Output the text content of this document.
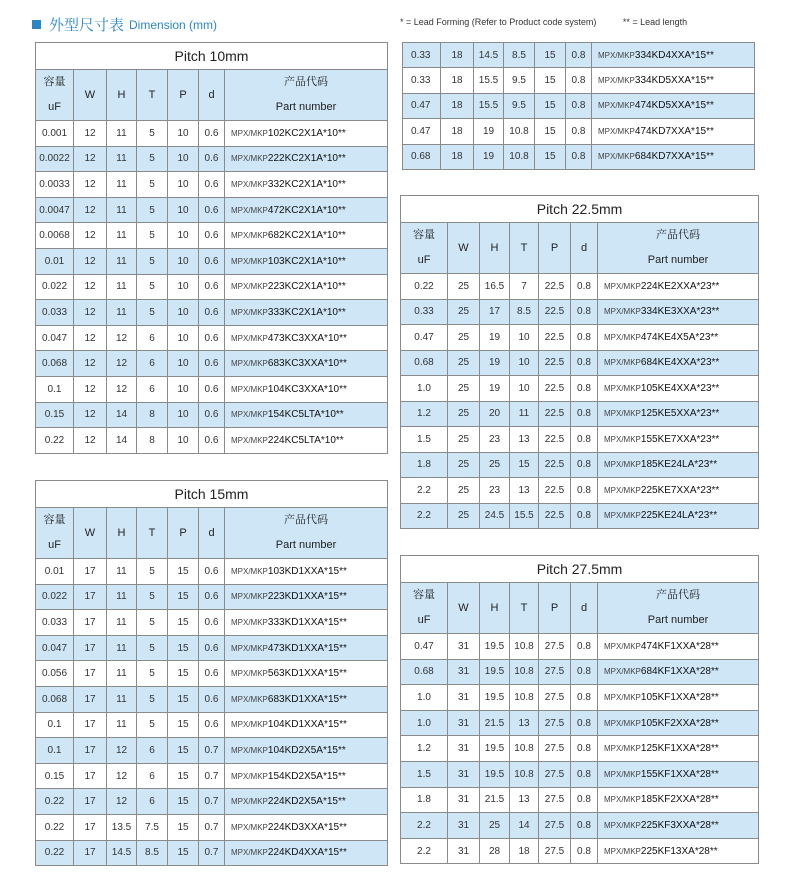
外型尺寸表 Dimension (mm)	* = Lead Forming (Refer to Product code system)	** = Lead length
Pitch 10mm						

容量
uF	W	H	T	P	d	产品代码
Part number

0.001	12	11	5	10	0.6	MPX/MKP102KC2X1A*10**
0.0022	12	11	5	10	0.6	MPX/MKP222KC2X1A*10**
0.0033	12	11	5	10	0.6	MPX/MKP332KC2X1A*10**
0.0047	12	11	5	10	0.6	MPX/MKP472KC2X1A*10**
0.0068	12	11	5	10	0.6	MPX/MKP682KC2X1A*10**
0.01	12	11	5	10	0.6	MPX/MKP103KC2X1A*10**
0.022	12	11	5	10	0.6	MPX/MKP223KC2X1A*10**
0.033	12	11	5	10	0.6	MPX/MKP333KC2X1A*10**
0.047	12	12	6	10	0.6	MPX/MKP473KC3XXA*10**
0.068	12	12	6	10	0.6	MPX/MKP683KC3XXA*10**
0.1	12	12	6	10	0.6	MPX/MKP104KC3XXA*10**
0.15	12	14	8	10	0.6	MPX/MKP154KC5LTA*10**
0.22	12	14	8	10	0.6	MPX/MKP224KC5LTA*10**
Pitch 15mm						

容量
uF	W	H	T	P	d	产品代码
Part number

0.01	17	11	5	15	0.6	MPX/MKP103KD1XXA*15**
0.022	17	11	5	15	0.6	MPX/MKP223KD1XXA*15**
0.033	17	11	5	15	0.6	MPX/MKP333KD1XXA*15**
0.047	17	11	5	15	0.6	MPX/MKP473KD1XXA*15**
0.056	17	11	5	15	0.6	MPX/MKP563KD1XXA*15**
0.068	17	11	5	15	0.6	MPX/MKP683KD1XXA*15**
0.1	17	11	5	15	0.6	MPX/MKP104KD1XXA*15**
0.1	17	12	6	15	0.7	MPX/MKP104KD2X5A*15**
0.15	17	12	6	15	0.7	MPX/MKP154KD2X5A*15**
0.22	17	12	6	15	0.7	MPX/MKP224KD2X5A*15**
0.22	17	13.5	7.5	15	0.7	MPX/MKP224KD3XXA*15**
0.22	17	14.5	8.5	15	0.7	MPX/MKP224KD4XXA*15**
0.33	18	14.5	8.5	15	0.8	MPX/MKP334KD4XXA*15**
0.33	18	15.5	9.5	15	0.8	MPX/MKP334KD5XXA*15**
0.47	18	15.5	9.5	15	0.8	MPX/MKP474KD5XXA*15**
0.47	18	19	10.8	15	0.8	MPX/MKP474KD7XXA*15**
0.68	18	19	10.8	15	0.8	MPX/MKP684KD7XXA*15**
Pitch 22.5mm						

容量
uF	W	H	T	P	d	产品代码
Part number

0.22	25	16.5	7	22.5	0.8	MPX/MKP224KE2XXA*23**
0.33	25	17	8.5	22.5	0.8	MPX/MKP334KE3XXA*23**
0.47	25	19	10	22.5	0.8	MPX/MKP474KE4X5A*23**
0.68	25	19	10	22.5	0.8	MPX/MKP684KE4XXA*23**
1.0	25	19	10	22.5	0.8	MPX/MKP105KE4XXA*23**
1.2	25	20	11	22.5	0.8	MPX/MKP125KE5XXA*23**
1.5	25	23	13	22.5	0.8	MPX/MKP155KE7XXA*23**
1.8	25	25	15	22.5	0.8	MPX/MKP185KE24LA*23**
2.2	25	23	13	22.5	0.8	MPX/MKP225KE7XXA*23**
2.2	25	24.5	15.5	22.5	0.8	MPX/MKP225KE24LA*23**
Pitch 27.5mm						

容量
uF	W	H	T	P	d	产品代码
Part number

0.47	31	19.5	10.8	27.5	0.8	MPX/MKP474KF1XXA*28**
0.68	31	19.5	10.8	27.5	0.8	MPX/MKP684KF1XXA*28**
1.0	31	19.5	10.8	27.5	0.8	MPX/MKP105KF1XXA*28**
1.0	31	21.5	13	27.5	0.8	MPX/MKP105KF2XXA*28**
1.2	31	19.5	10.8	27.5	0.8	MPX/MKP125KF1XXA*28**
1.5	31	19.5	10.8	27.5	0.8	MPX/MKP155KF1XXA*28**
1.8	31	21.5	13	27.5	0.8	MPX/MKP185KF2XXA*28**
2.2	31	25	14	27.5	0.8	MPX/MKP225KF3XXA*28**
2.2	31	28	18	27.5	0.8	MPX/MKP225KF13XA*28**
